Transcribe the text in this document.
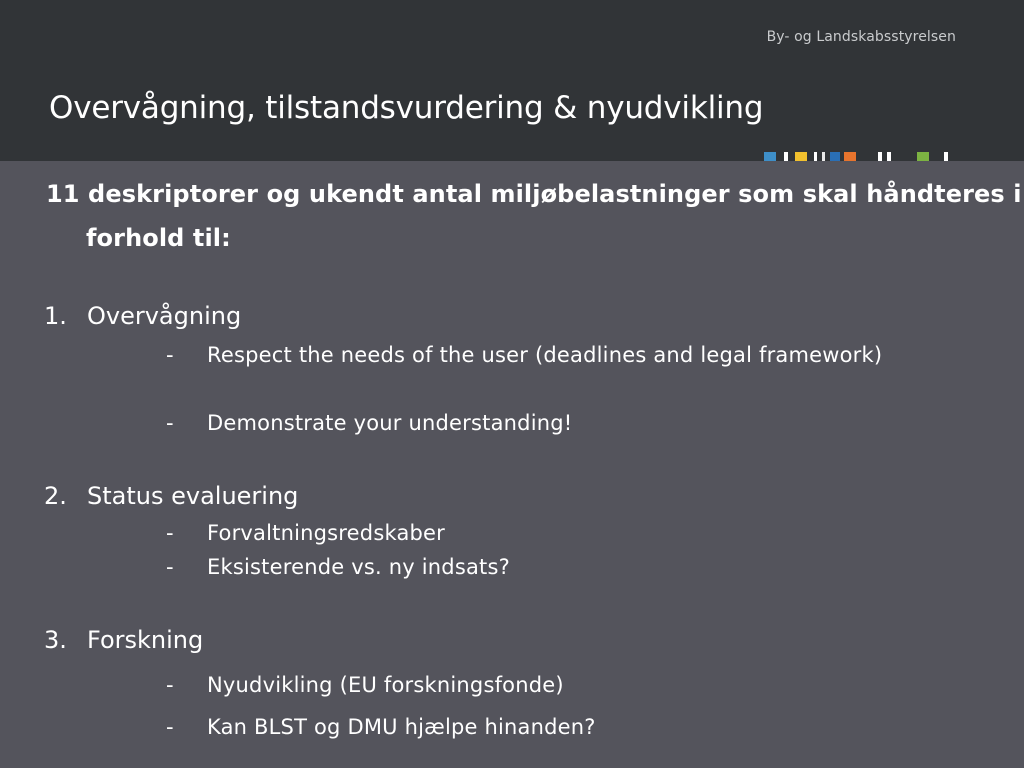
By- og Landskabsstyrelsen
Overvågning, tilstandsvurdering & nyudvikling
11 deskriptorer og ukendt antal miljøbelastninger som skal håndteres i forhold til:
1. Overvågning
- Respect the needs of the user (deadlines and legal framework)
- Demonstrate your understanding!
2. Status evaluering
- Forvaltningsredskaber
- Eksisterende vs. ny indsats?
3. Forskning
- Nyudvikling (EU forskningsfonde)
- Kan BLST og DMU hjælpe hinanden?
